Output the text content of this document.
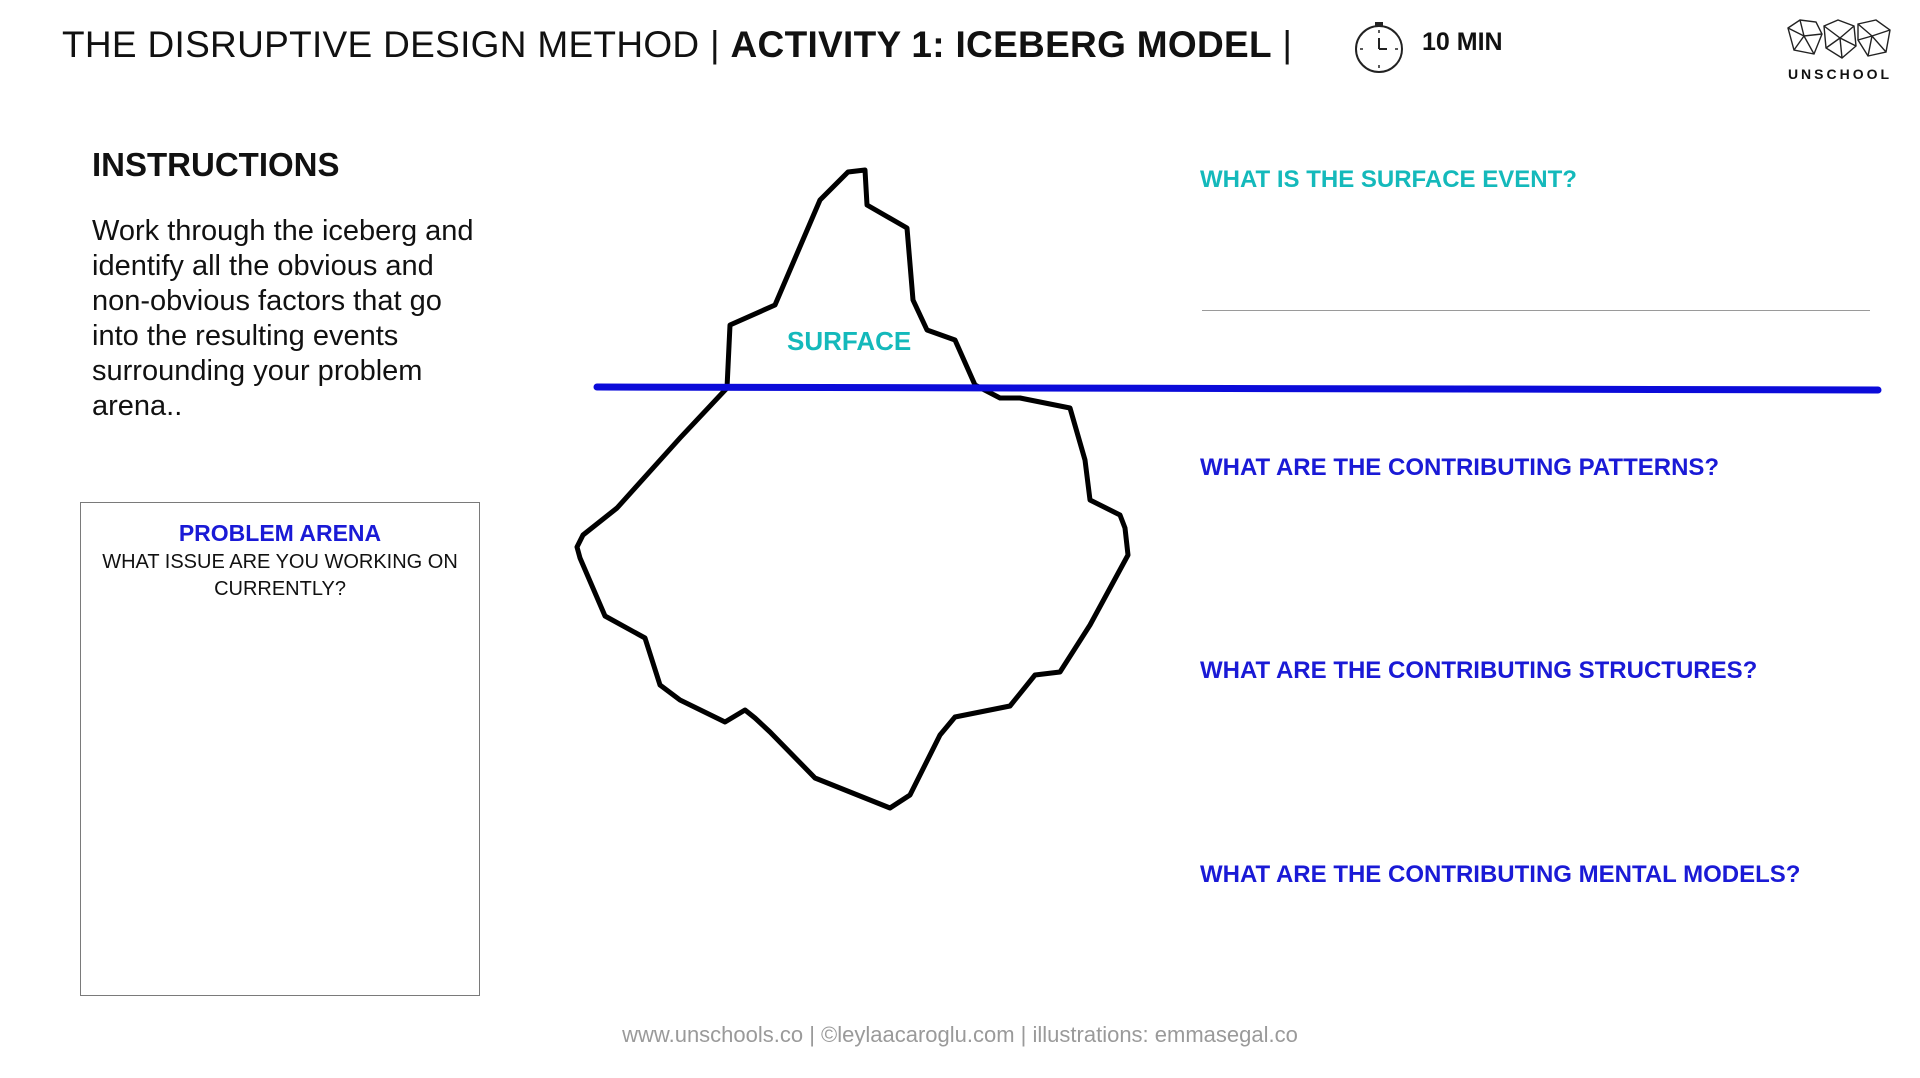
THE DISRUPTIVE DESIGN METHOD | ACTIVITY 1: ICEBERG MODEL |	10 MIN
UNSCHOOL
INSTRUCTIONS

Work through the iceberg and identify all the obvious and non-obvious factors that go into the resulting events surrounding your problem arena..

PROBLEM ARENA
WHAT ISSUE ARE YOU WORKING ON CURRENTLY?
SURFACE
WHAT IS THE SURFACE EVENT?
WHAT ARE THE CONTRIBUTING PATTERNS?
WHAT ARE THE CONTRIBUTING STRUCTURES?
WHAT ARE THE CONTRIBUTING MENTAL MODELS?
www.unschools.co | ©leylaacaroglu.com | illustrations: emmasegal.co
